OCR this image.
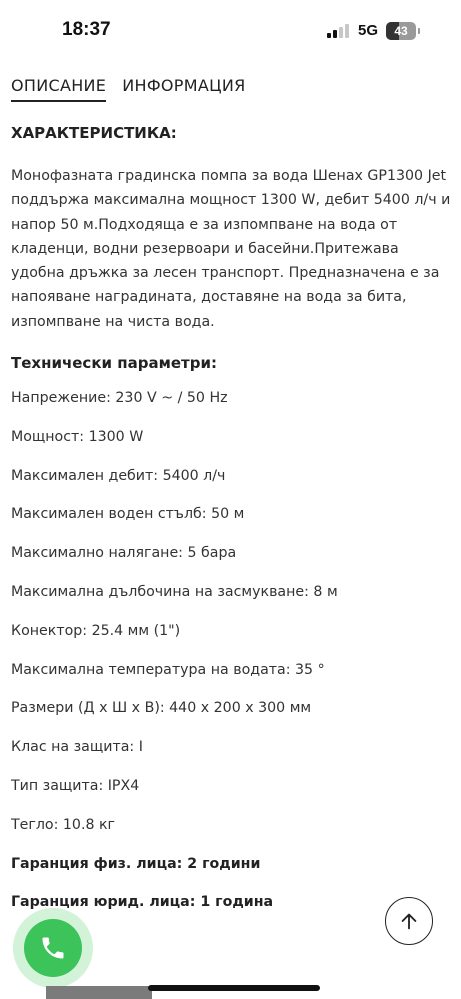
18:37	5G	43
ОПИСАНИЕ ИНФОРМАЦИЯ
ХАРАКТЕРИСТИКА:
Монофазната градинска помпа за вода Шенах GP1300 Jet поддържа максимална мощност 1300 W, дебит 5400 л/ч и напор 50 м.Подходяща е за изпомпване на вода от кладенци, водни резервоари и басейни.Притежава удобна дръжка за лесен транспорт. Предназначена е за напояване наградината, доставяне на вода за бита, изпомпване на чиста вода.
Технически параметри:
Напрежение: 230 V ~ / 50 Hz
Мощност: 1300 W
Максимален дебит: 5400 л/ч
Максимален воден стълб: 50 м
Максимално налягане: 5 бара
Максимална дълбочина на засмукване: 8 м
Конектор: 25.4 мм (1")
Максимална температура на водата: 35 °
Размери (Д х Ш х В): 440 x 200 x 300 мм
Клас на защита: I
Тип защита: IPX4
Тегло: 10.8 кг
Гаранция физ. лица: 2 години
Гаранция юрид. лица: 1 година
